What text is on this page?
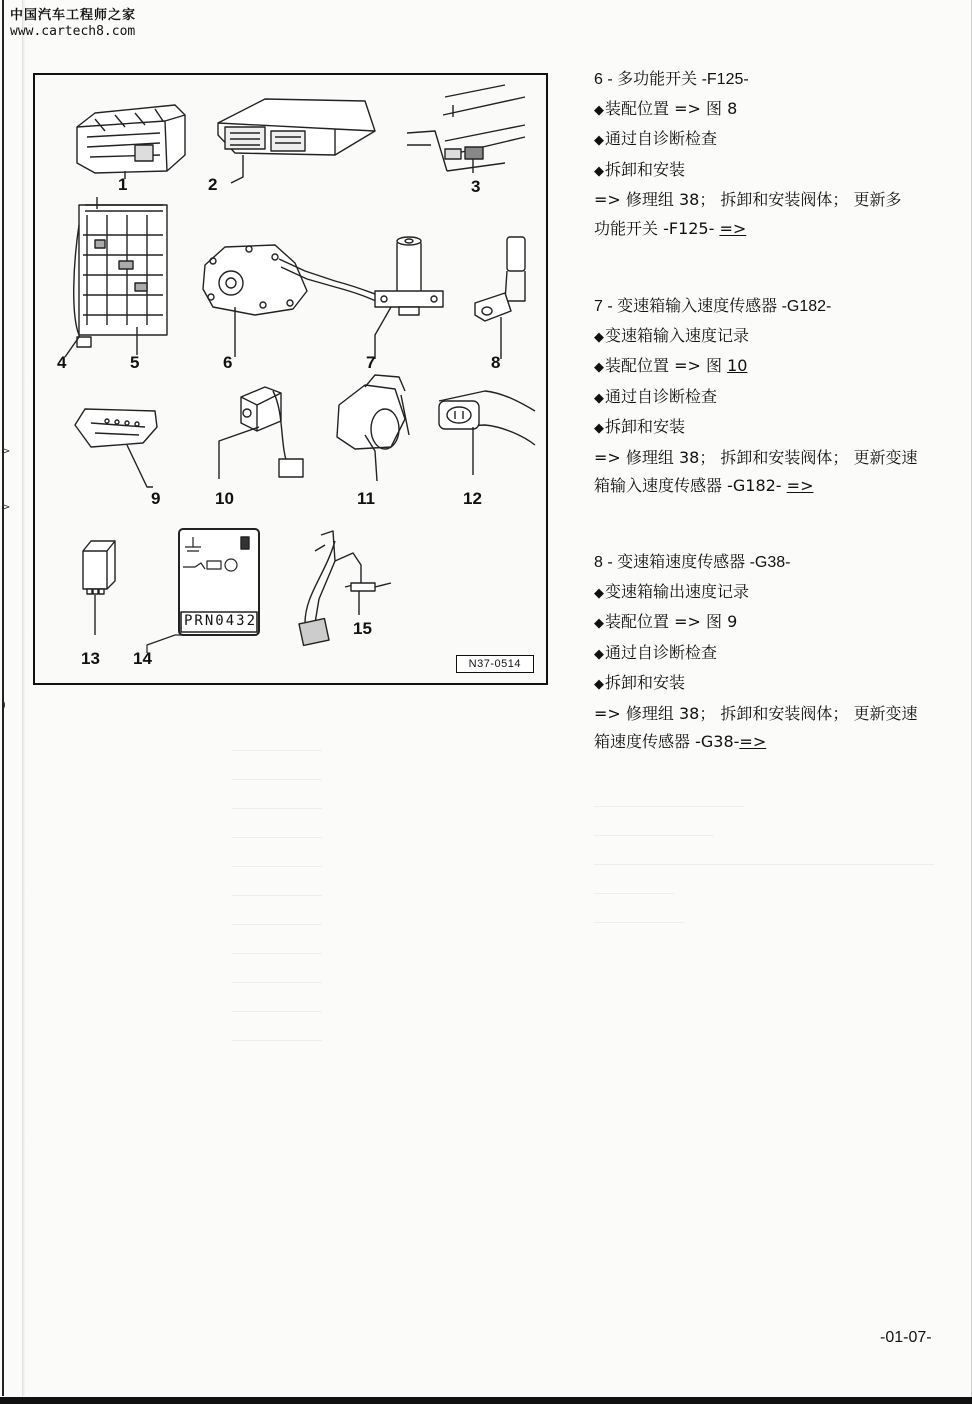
中国汽车工程师之家
www.cartech8.com
>
>
)
1	2	3
4	5	6	7	8
9	10	11	12
13 14
15
PRN0432
N37-0514
6 - 多功能开关 -F125-
◆装配位置 => 图 8
◆通过自诊断检查
◆拆卸和安装
=> 修理组 38； 拆卸和安装阀体； 更新多
功能开关 -F125- =>
7 - 变速箱输入速度传感器 -G182-
◆变速箱输入速度记录
◆装配位置 => 图 10
◆通过自诊断检查
◆拆卸和安装
=> 修理组 38； 拆卸和安装阀体； 更新变速
箱输入速度传感器 -G182- =>
8 - 变速箱速度传感器 -G38-
◆变速箱输出速度记录
◆装配位置 => 图 9
◆通过自诊断检查
◆拆卸和安装
=> 修理组 38； 拆卸和安装阀体； 更新变速
箱速度传感器 -G38-=>
-01-07-
